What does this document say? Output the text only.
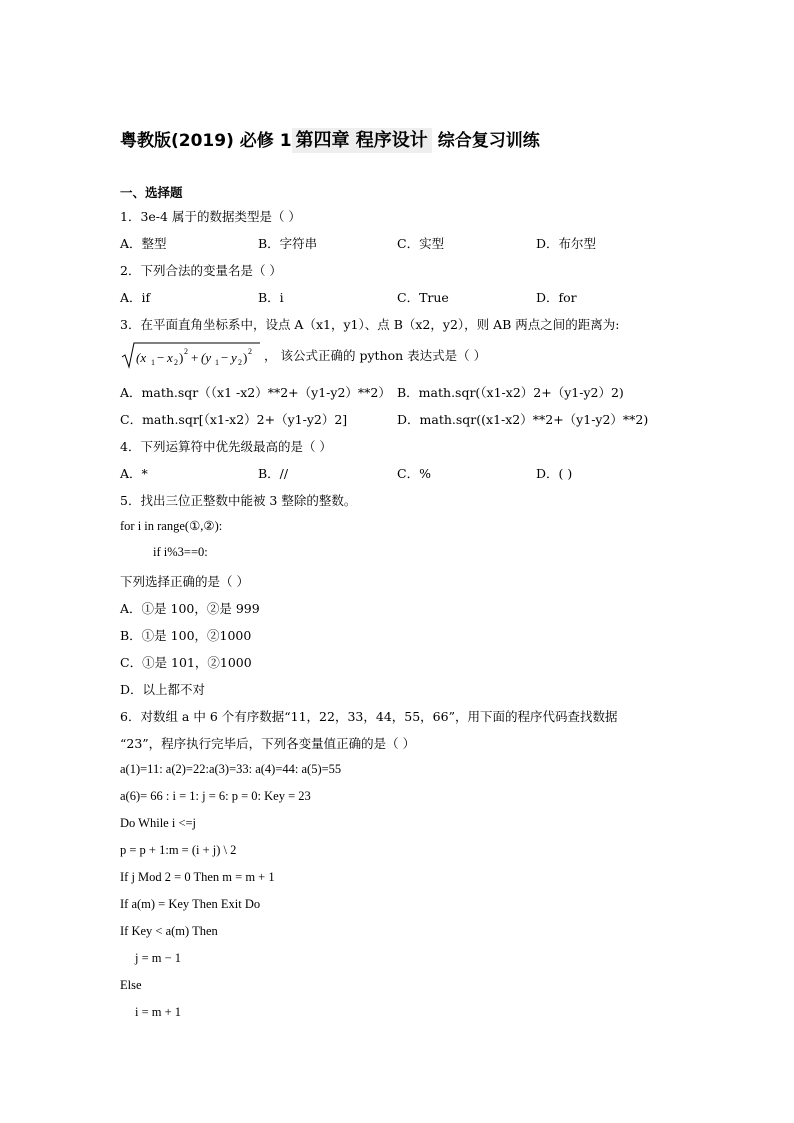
粤教版(2019) 必修 1 第四章 程序设计 综合复习训练
一、选择题
1．3e-4 属于的数据类型是（ ）
A．整型	B．字符串	C．实型	D．布尔型
2．下列合法的变量名是（ ）
A．if	B．i	C．True	D．for
3．在平面直角坐标系中，设点 A（x1，y1）、点 B（x2，y2），则 AB 两点之间的距离为:
(x 1 − x 2 ) 2 + (y 1 − y 2 ) 2 ， 该公式正确的 python 表达式是（ ）
A．math.sqr（（x1 -x2）**2+（y1-y2）**2） B．math.sqr(（x1-x2）2+（y1-y2）2)
C．math.sqr[（x1-x2）2+（y1-y2）2]	D．math.sqr((x1-x2）**2+（y1-y2）**2)
4．下列运算符中优先级最高的是（ ）
A．*	B．//	C．%	D．( )
5．找出三位正整数中能被 3 整除的整数。
for i in range(①,②):
if i%3==0:
下列选择正确的是（ ）
A．①是 100，②是 999
B．①是 100，②1000
C．①是 101，②1000
D．以上都不对
6．对数组 a 中 6 个有序数据“11，22，33，44，55，66”，用下面的程序代码查找数据
“23”，程序执行完毕后，下列各变量值正确的是（ ）
a(1)=11: a(2)=22:a(3)=33: a(4)=44: a(5)=55
a(6)= 66 : i = 1: j = 6: p = 0: Key = 23
Do While i <=j
p = p + 1:m = (i + j) \ 2
If j Mod 2 = 0 Then m = m + 1
If a(m) = Key Then Exit Do
If Key < a(m) Then
j = m − 1
Else
i = m + 1
